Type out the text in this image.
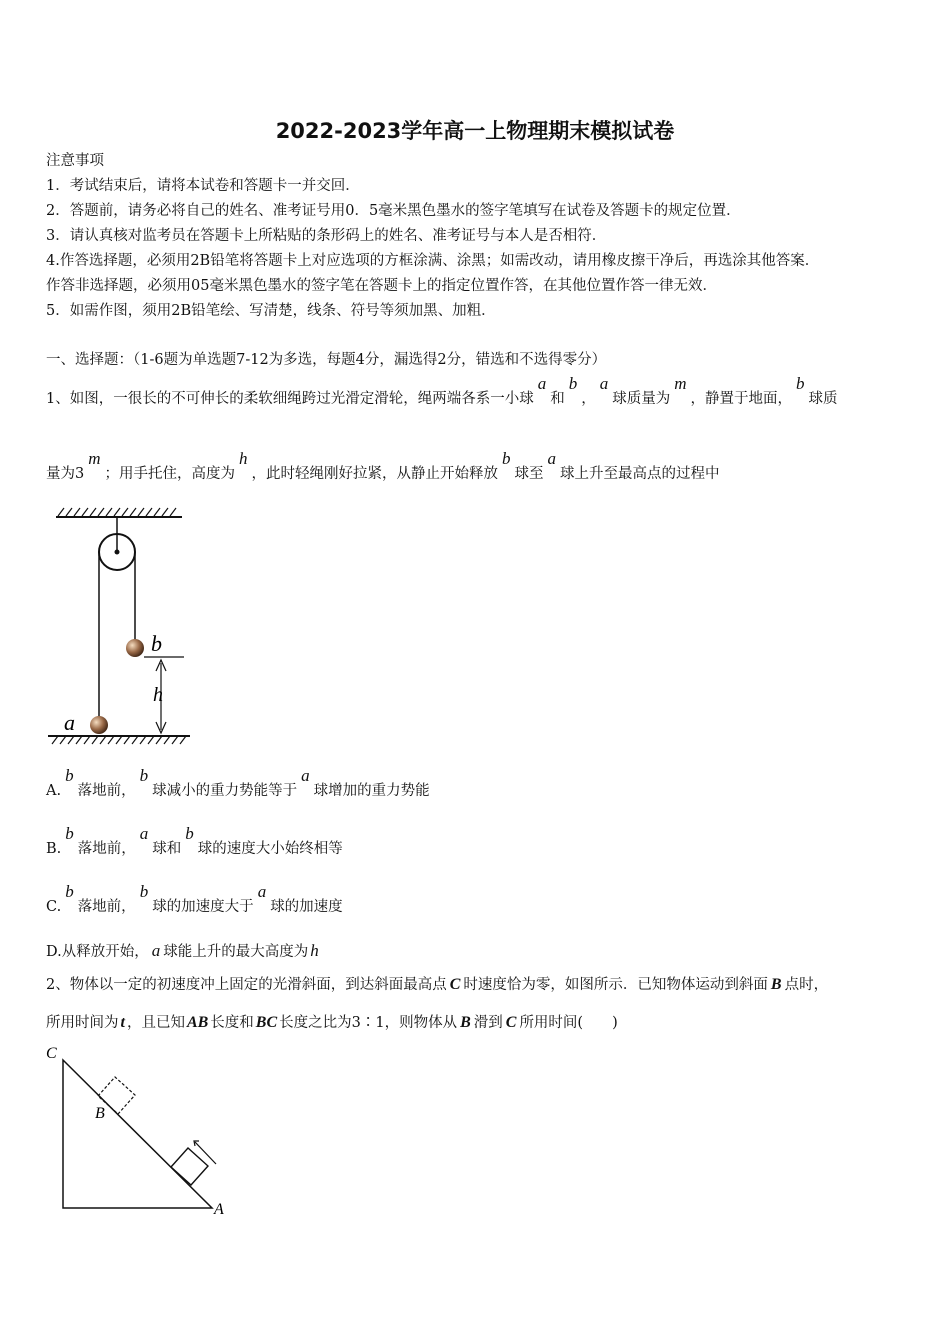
2022-2023学年高一上物理期末模拟试卷
注意事项
1．考试结束后，请将本试卷和答题卡一并交回．
2．答题前，请务必将自己的姓名、准考证号用0．5毫米黑色墨水的签字笔填写在试卷及答题卡的规定位置．
3．请认真核对监考员在答题卡上所粘贴的条形码上的姓名、准考证号与本人是否相符．
4.作答选择题，必须用2B铅笔将答题卡上对应选项的方框涂满、涂黑；如需改动，请用橡皮擦干净后，再选涂其他答案．
作答非选择题，必须用05毫米黑色墨水的签字笔在答题卡上的指定位置作答，在其他位置作答一律无效．
5．如需作图，须用2B铅笔绘、写清楚，线条、符号等须加黑、加粗．
一、选择题：（1-6题为单选题7-12为多选，每题4分，漏选得2分，错选和不选得零分）
1、如图，一很长的不可伸长的柔软细绳跨过光滑定滑轮，绳两端各系一小球a和b，a球质量为m，静置于地面，b球质
量为3m；用手托住，高度为h，此时轻绳刚好拉紧，从静止开始释放b球至a球上升至最高点的过程中
b
a
h
A.b落地前，b球减小的重力势能等于a球增加的重力势能
B.b落地前，a球和b球的速度大小始终相等
C.b落地前，b球的加速度大于a球的加速度
D.从释放开始， a 球能上升的最大高度为 h
2、物体以一定的初速度冲上固定的光滑斜面，到达斜面最高点 C 时速度恰为零，如图所示．已知物体运动到斜面 B 点时，
所用时间为 t ，且已知 AB 长度和 BC 长度之比为3∶1，则物体从 B 滑到 C 所用时间(　　)
C
A
B
